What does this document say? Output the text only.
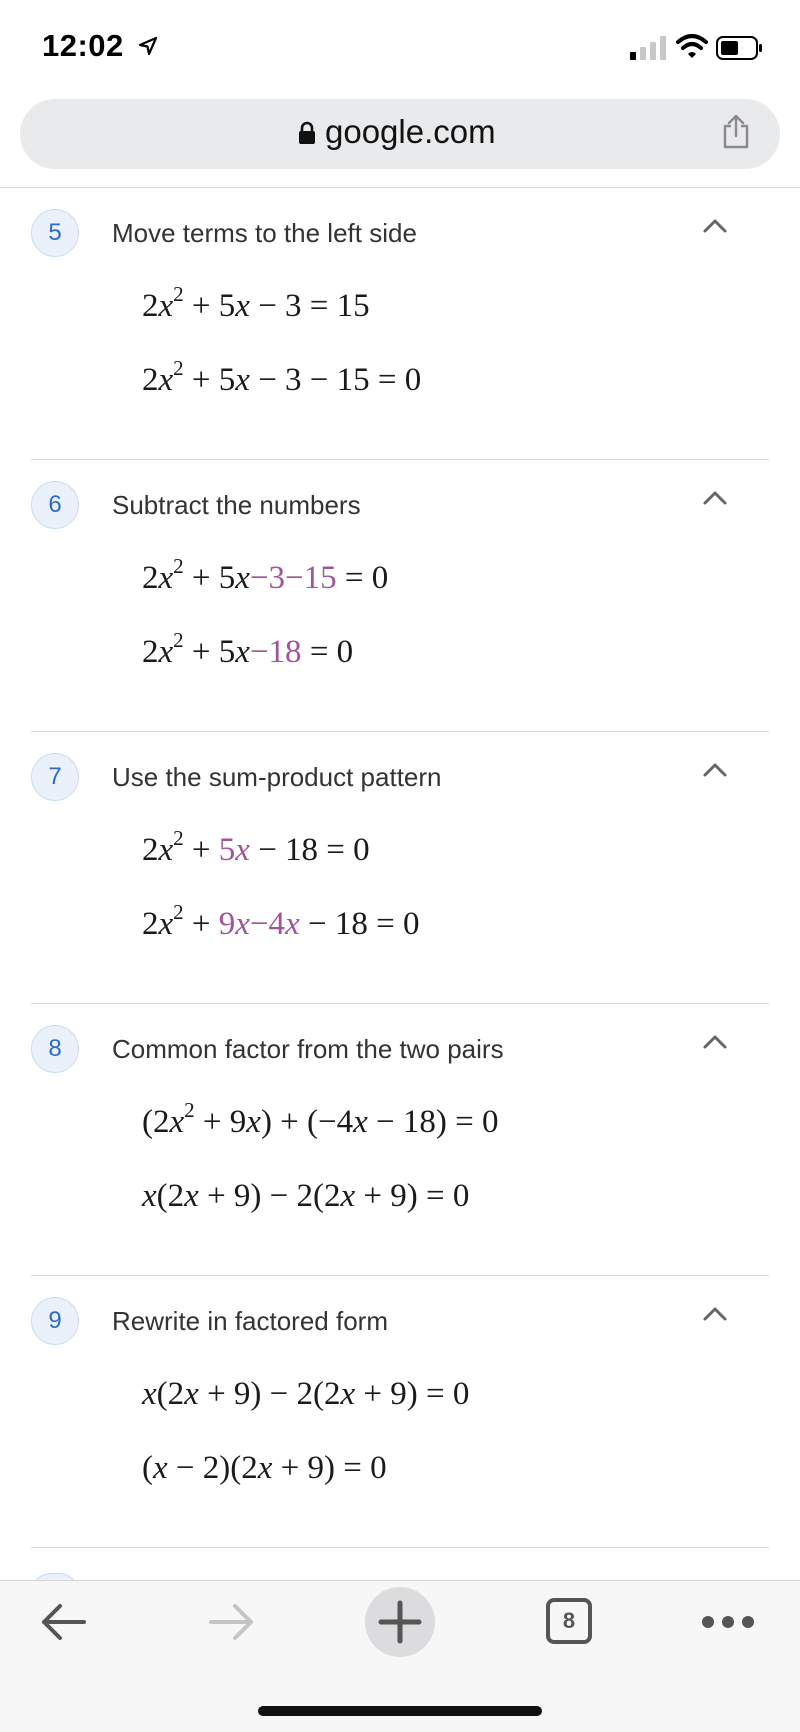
12:02
google.com
5	Move terms to the left side
$2x^2 + 5x - 3 = 15$
$2x^2 + 5x - 3 - 15 = 0$
6	Subtract the numbers
$2x^2 + 5x-3-15 = 0$
$2x^2 + 5x-18 = 0$
7	Use the sum-product pattern
$2x^2 + 5x - 18 = 0$
$2x^2 + 9x-4x - 18 = 0$
8	Common factor from the two pairs
$(2x^2 + 9x) + (-4x - 18) = 0$
x(2x + 9) − 2(2x + 9) = 0
9	Rewrite in factored form
x(2x + 9) − 2(2x + 9) = 0
(x − 2)(2x + 9) = 0
8
